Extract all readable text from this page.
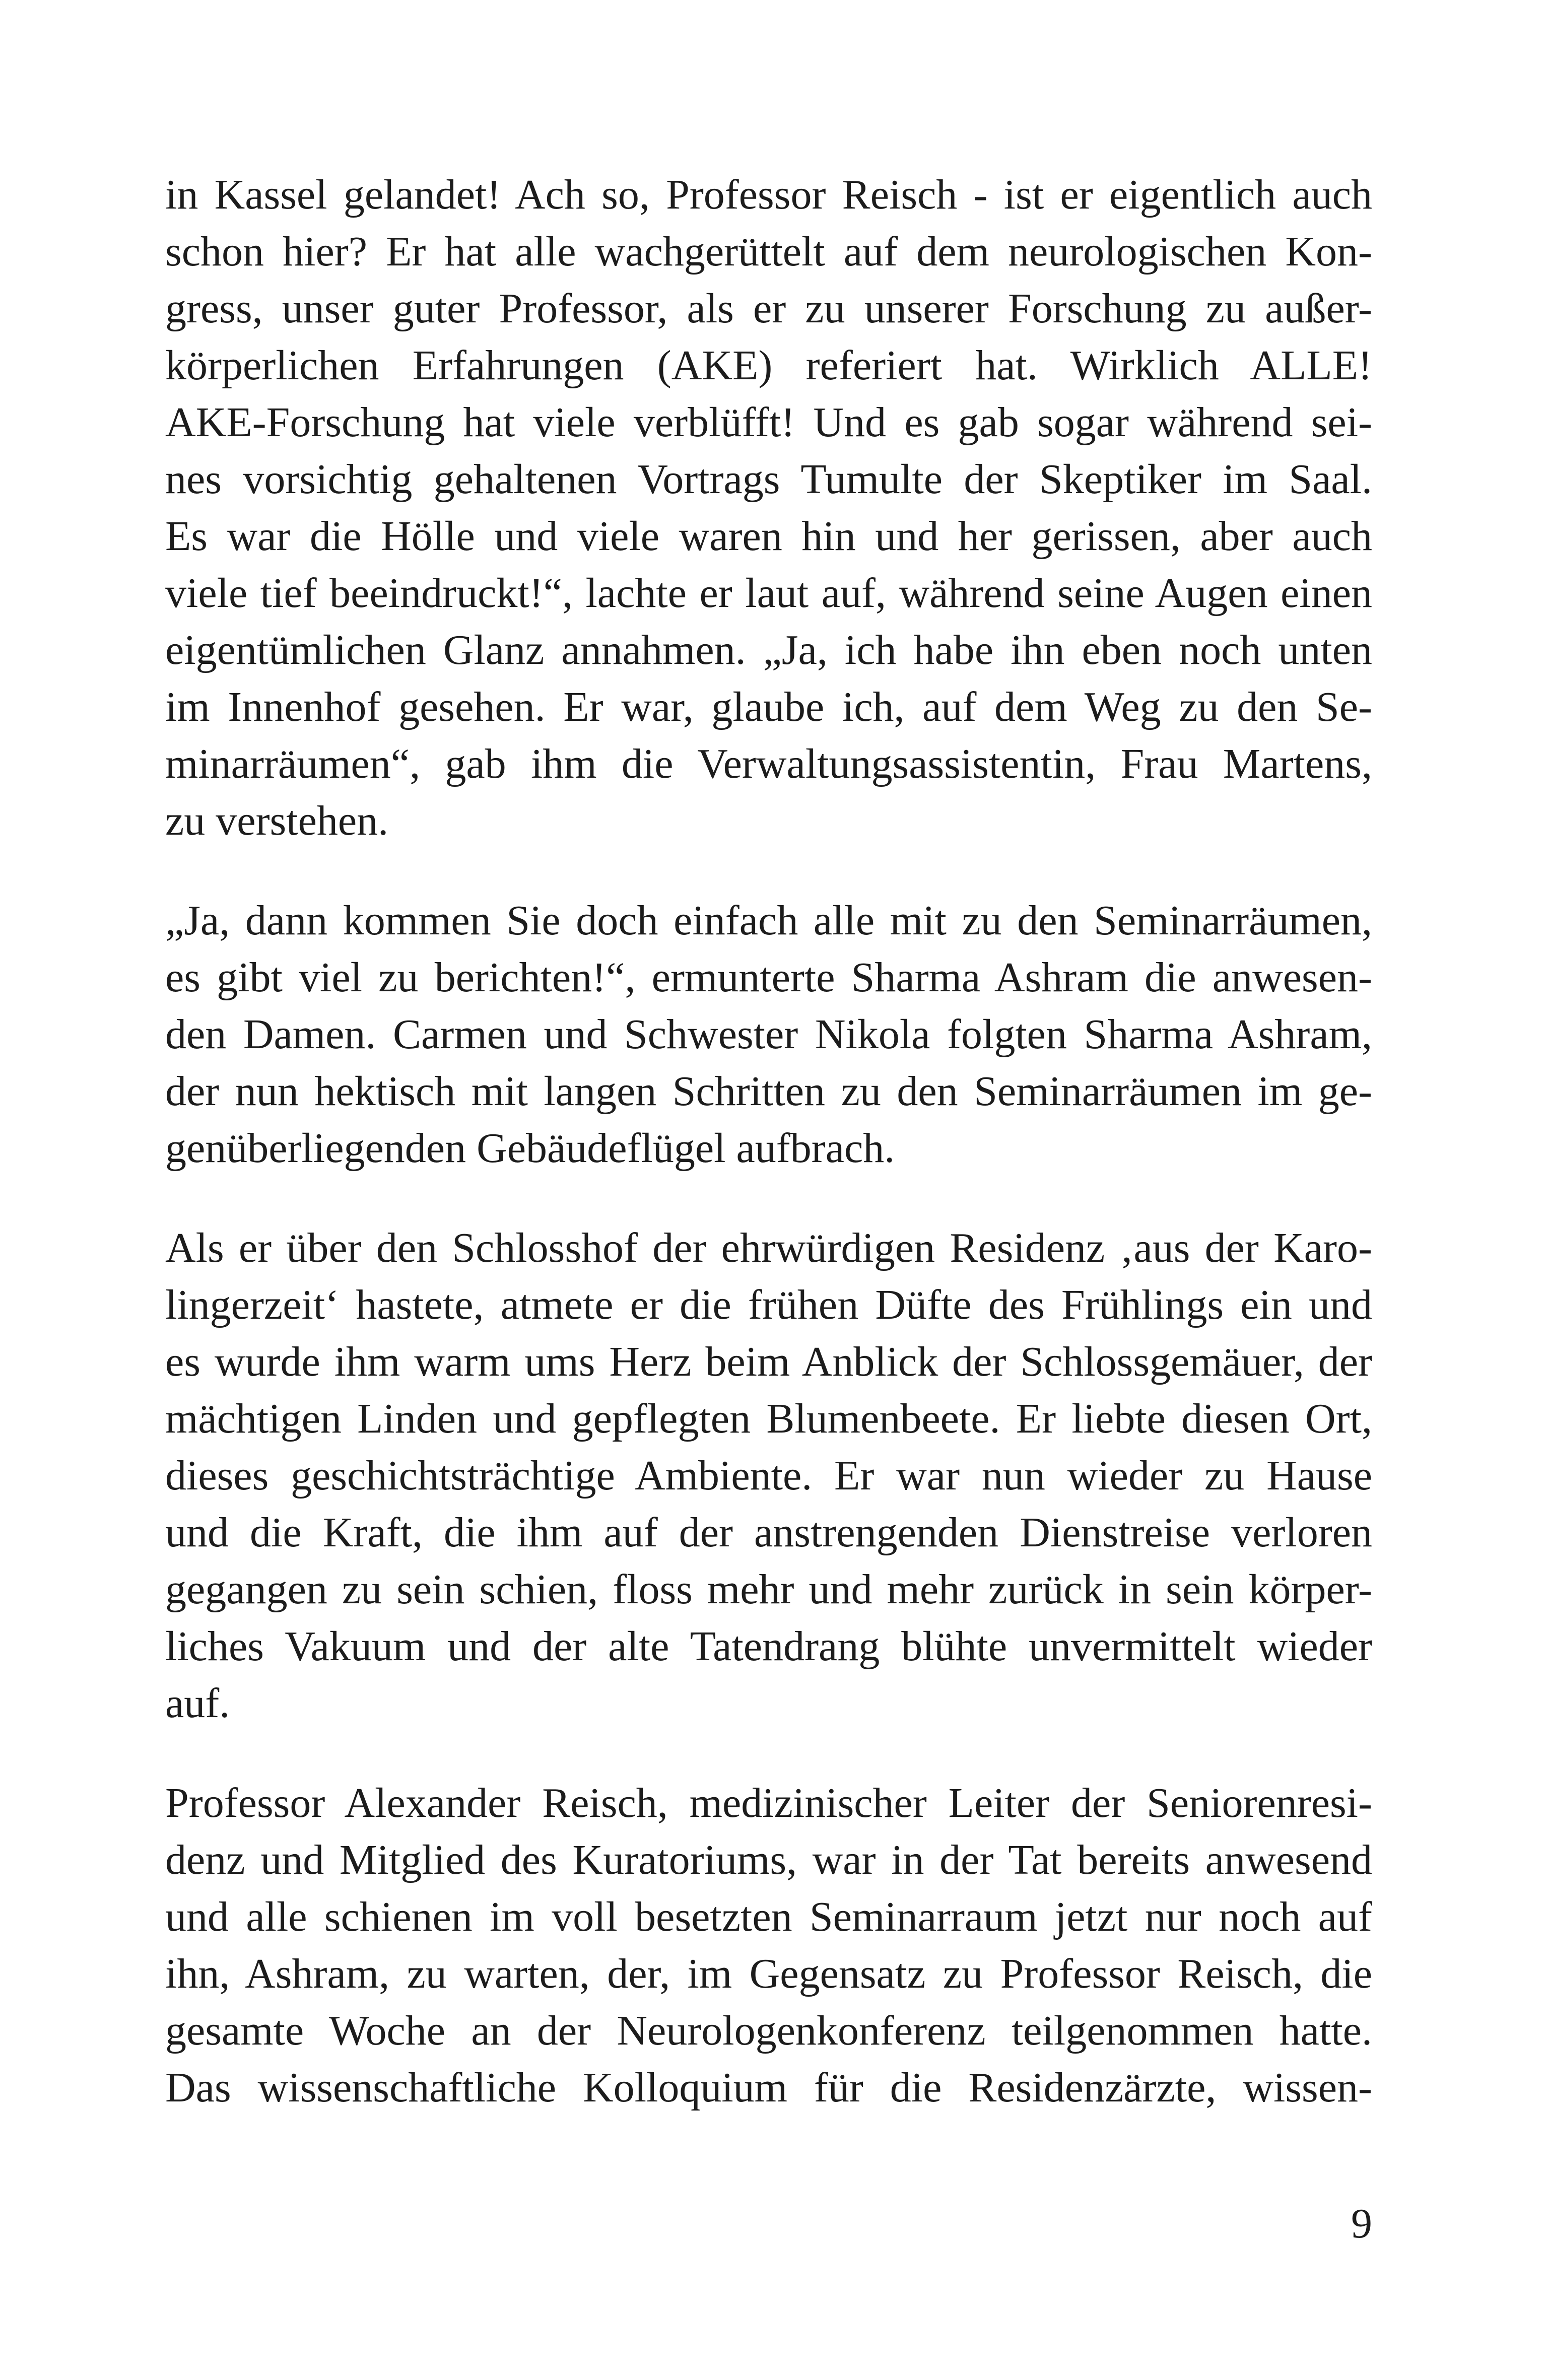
in Kassel gelandet! Ach so, Professor Reisch - ist er eigentlich auch
schon hier? Er hat alle wachgerüttelt auf dem neurologischen Kon-
gress, unser guter Professor, als er zu unserer Forschung zu außer-
körperlichen Erfahrungen (AKE) referiert hat. Wirklich ALLE!
AKE-Forschung hat viele verblüfft! Und es gab sogar während sei-
nes vorsichtig gehaltenen Vortrags Tumulte der Skeptiker im Saal.
Es war die Hölle und viele waren hin und her gerissen, aber auch
viele tief beeindruckt!“, lachte er laut auf, während seine Augen einen
eigentümlichen Glanz annahmen. „Ja, ich habe ihn eben noch unten
im Innenhof gesehen. Er war, glaube ich, auf dem Weg zu den Se-
minarräumen“, gab ihm die Verwaltungsassistentin, Frau Martens,
zu verstehen.
„Ja, dann kommen Sie doch einfach alle mit zu den Seminarräumen,
es gibt viel zu berichten!“, ermunterte Sharma Ashram die anwesen-
den Damen. Carmen und Schwester Nikola folgten Sharma Ashram,
der nun hektisch mit langen Schritten zu den Seminarräumen im ge-
genüberliegenden Gebäudeflügel aufbrach.
Als er über den Schlosshof der ehrwürdigen Residenz ‚aus der Karo-
lingerzeit‘ hastete, atmete er die frühen Düfte des Frühlings ein und
es wurde ihm warm ums Herz beim Anblick der Schlossgemäuer, der
mächtigen Linden und gepflegten Blumenbeete. Er liebte diesen Ort,
dieses geschichtsträchtige Ambiente. Er war nun wieder zu Hause
und die Kraft, die ihm auf der anstrengenden Dienstreise verloren
gegangen zu sein schien, floss mehr und mehr zurück in sein körper-
liches Vakuum und der alte Tatendrang blühte unvermittelt wieder
auf.
Professor Alexander Reisch, medizinischer Leiter der Seniorenresi-
denz und Mitglied des Kuratoriums, war in der Tat bereits anwesend
und alle schienen im voll besetzten Seminarraum jetzt nur noch auf
ihn, Ashram, zu warten, der, im Gegensatz zu Professor Reisch, die
gesamte Woche an der Neurologenkonferenz teilgenommen hatte.
Das wissenschaftliche Kolloquium für die Residenzärzte, wissen-
9
